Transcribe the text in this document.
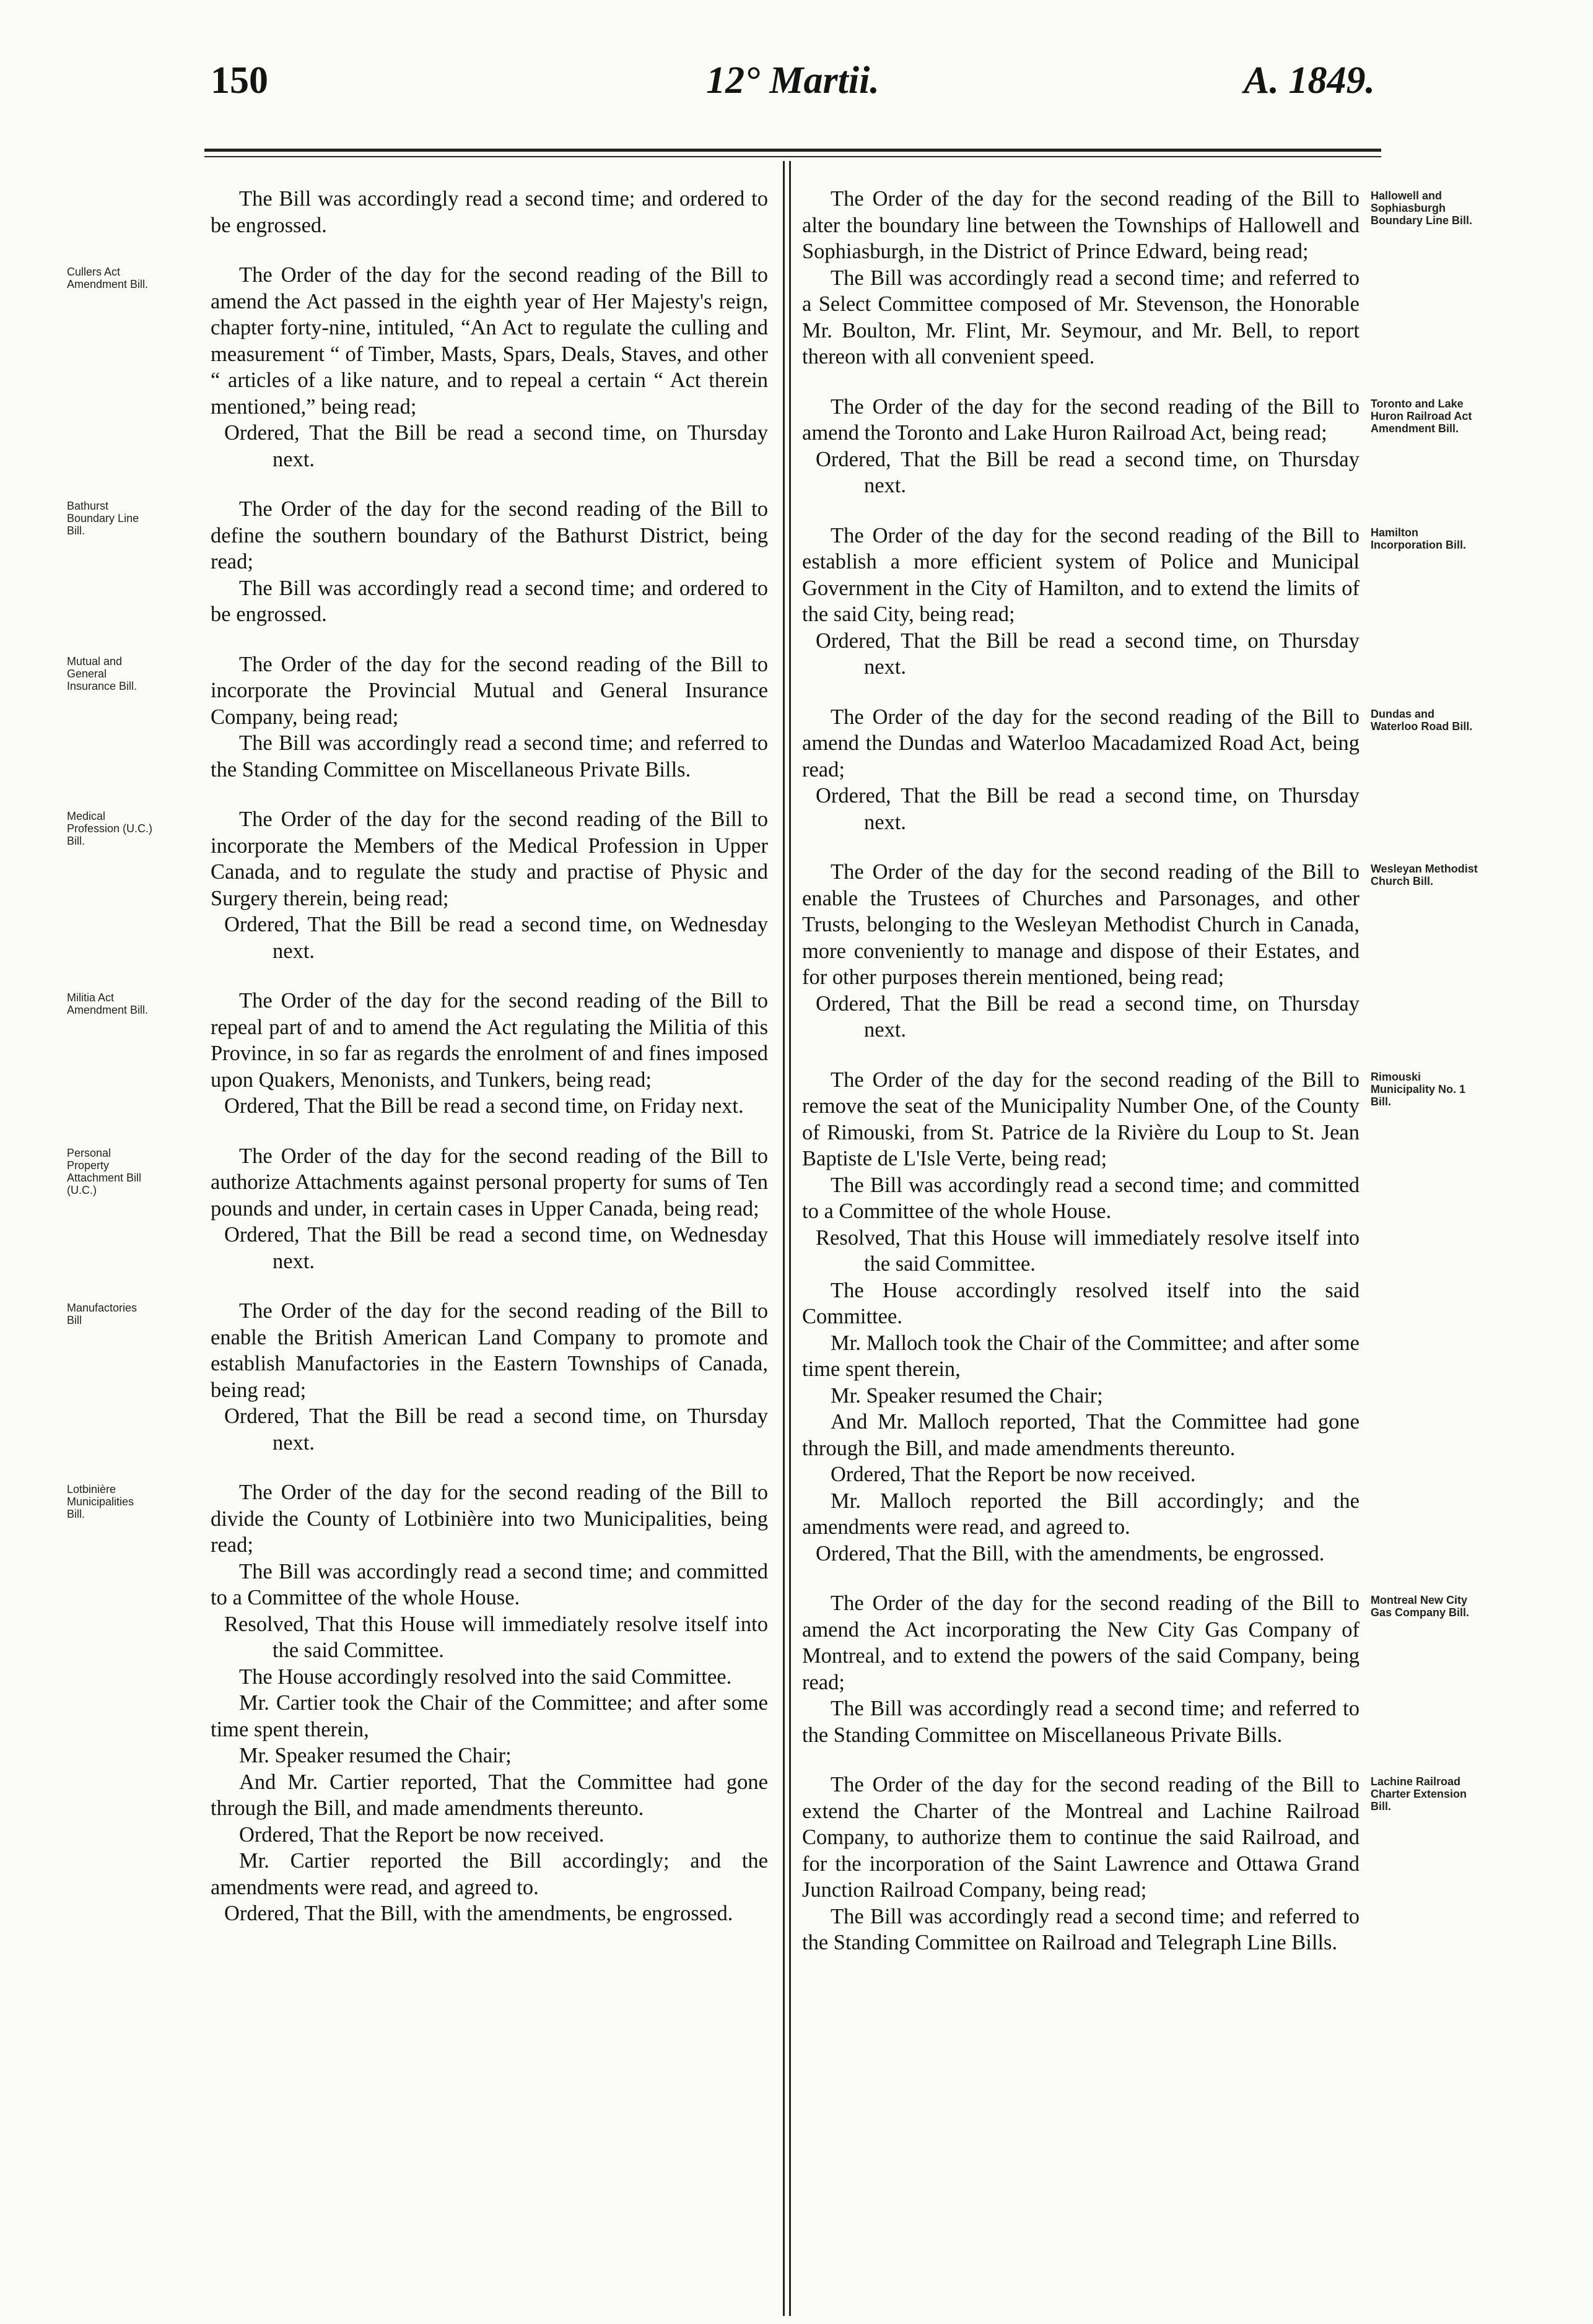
150	12° Martii.	A. 1849.

The Bill was accordingly read a second time; and ordered to be engrossed.

Cullers Act Amendment Bill.	The Order of the day for the second reading of the Bill to amend the Act passed in the eighth year of Her Majesty's reign, chapter forty-nine, intituled, “An Act to regulate the culling and measurement “ of Timber, Masts, Spars, Deals, Staves, and other “ articles of a like nature, and to repeal a certain “ Act therein mentioned,” being read;

Ordered, That the Bill be read a second time, on Thursday next.

Bathurst Boundary Line Bill.

The Order of the day for the second reading of the Bill to define the southern boundary of the Bathurst District, being read;

The Bill was accordingly read a second time; and ordered to be engrossed.

Mutual and General Insurance Bill.

The Order of the day for the second reading of the Bill to incorporate the Provincial Mutual and General Insurance Company, being read;

The Bill was accordingly read a second time; and referred to the Standing Committee on Miscellaneous Private Bills.

Medical Profession (U.C.) Bill.

The Order of the day for the second reading of the Bill to incorporate the Members of the Medical Profession in Upper Canada, and to regulate the study and practise of Physic and Surgery therein, being read;

Ordered, That the Bill be read a second time, on Wednesday next.

Militia Act Amendment Bill.	The Order of the day for the second reading of the Bill to repeal part of and to amend the Act regulating the Militia of this Province, in so far as regards the enrolment of and fines imposed upon Quakers, Menonists, and Tunkers, being read;

Ordered, That the Bill be read a second time, on Friday next.

Personal Property Attachment Bill (U.C.)

The Order of the day for the second reading of the Bill to authorize Attachments against personal property for sums of Ten pounds and under, in certain cases in Upper Canada, being read;

Ordered, That the Bill be read a second time, on Wednesday next.

Manufactories Bill	The Order of the day for the second reading of the Bill to enable the British American Land Company to promote and establish Manufactories in the Eastern Townships of Canada, being read;

Ordered, That the Bill be read a second time, on Thursday next.

Lotbinière Municipalities Bill.

The Order of the day for the second reading of the Bill to divide the County of Lotbinière into two Municipalities, being read;

The Bill was accordingly read a second time; and committed to a Committee of the whole House.

Resolved, That this House will immediately resolve itself into the said Committee.

The House accordingly resolved into the said Committee.

Mr. Cartier took the Chair of the Committee; and after some time spent therein,

Mr. Speaker resumed the Chair;

And Mr. Cartier reported, That the Committee had gone through the Bill, and made amendments thereunto.

Ordered, That the Report be now received.

Mr. Cartier reported the Bill accordingly; and the amendments were read, and agreed to.

Ordered, That the Bill, with the amendments, be engrossed.

Hallowell and Sophiasburgh Boundary Line Bill.

The Order of the day for the second reading of the Bill to alter the boundary line between the Townships of Hallowell and Sophiasburgh, in the District of Prince Edward, being read;

The Bill was accordingly read a second time; and referred to a Select Committee composed of Mr. Stevenson, the Honorable Mr. Boulton, Mr. Flint, Mr. Seymour, and Mr. Bell, to report thereon with all convenient speed.

Toronto and Lake Huron Railroad Act Amendment Bill.

The Order of the day for the second reading of the Bill to amend the Toronto and Lake Huron Railroad Act, being read;

Ordered, That the Bill be read a second time, on Thursday next.

Hamilton Incorporation Bill.

The Order of the day for the second reading of the Bill to establish a more efficient system of Police and Municipal Government in the City of Hamilton, and to extend the limits of the said City, being read;

Ordered, That the Bill be read a second time, on Thursday next.

Dundas and Waterloo Road Bill.

The Order of the day for the second reading of the Bill to amend the Dundas and Waterloo Macadamized Road Act, being read;

Ordered, That the Bill be read a second time, on Thursday next.

Wesleyan Methodist Church Bill.

The Order of the day for the second reading of the Bill to enable the Trustees of Churches and Parsonages, and other Trusts, belonging to the Wesleyan Methodist Church in Canada, more conveniently to manage and dispose of their Estates, and for other purposes therein mentioned, being read;

Ordered, That the Bill be read a second time, on Thursday next.

Rimouski Municipality No. 1 Bill.

The Order of the day for the second reading of the Bill to remove the seat of the Municipality Number One, of the County of Rimouski, from St. Patrice de la Rivière du Loup to St. Jean Baptiste de L'Isle Verte, being read;

The Bill was accordingly read a second time; and committed to a Committee of the whole House.

Resolved, That this House will immediately resolve itself into the said Committee.

The House accordingly resolved itself into the said Committee.

Mr. Malloch took the Chair of the Committee; and after some time spent therein,

Mr. Speaker resumed the Chair;

And Mr. Malloch reported, That the Committee had gone through the Bill, and made amendments thereunto.

Ordered, That the Report be now received.

Mr. Malloch reported the Bill accordingly; and the amendments were read, and agreed to.

Ordered, That the Bill, with the amendments, be engrossed.

Montreal New City Gas Company Bill.

The Order of the day for the second reading of the Bill to amend the Act incorporating the New City Gas Company of Montreal, and to extend the powers of the said Company, being read;

The Bill was accordingly read a second time; and referred to the Standing Committee on Miscellaneous Private Bills.

Lachine Railroad Charter Extension Bill.

The Order of the day for the second reading of the Bill to extend the Charter of the Montreal and Lachine Railroad Company, to authorize them to continue the said Railroad, and for the incorporation of the Saint Lawrence and Ottawa Grand Junction Railroad Company, being read;

The Bill was accordingly read a second time; and referred to the Standing Committee on Railroad and Telegraph Line Bills.
